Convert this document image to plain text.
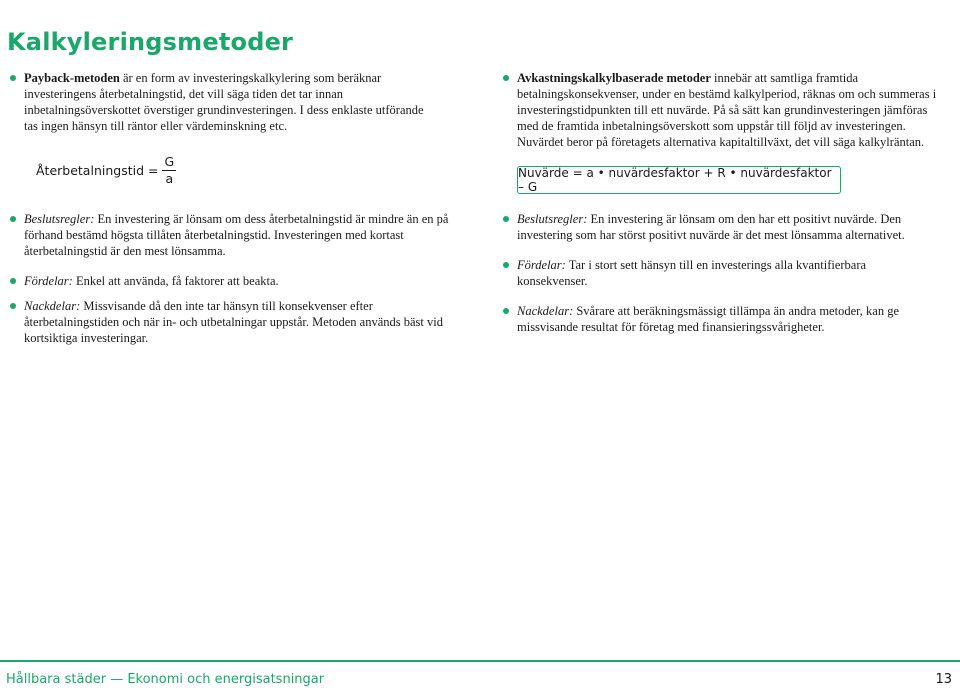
Kalkyleringsmetoder

Payback-metoden är en form av investeringskalkylering som beräknar investeringens återbetalningstid, det vill säga tiden det tar innan inbetalningsöverskottet överstiger grundinvesteringen. I dess enklaste utförande tas ingen hänsyn till räntor eller värdeminskning etc.

Återbetalningstid = $\frac{G}{a}$

Beslutsregler: En investering är lönsam om dess återbetalningstid är mindre än en på förhand bestämd högsta tillåten återbetalningstid. Investeringen med kortast återbetalningstid är den mest lönsamma.

Fördelar: Enkel att använda, få faktorer att beakta.

Nackdelar: Missvisande då den inte tar hänsyn till konsekvenser efter återbetalningstiden och när in- och utbetalningar uppstår. Metoden används bäst vid kortsiktiga investeringar.

Avkastningskalkylbaserade metoder innebär att samtliga framtida betalningskonsekvenser, under en bestämd kalkylperiod, räknas om och summeras i investeringstidpunkten till ett nuvärde. På så sätt kan grundinvesteringen jämföras med de framtida inbetalningsöverskott som uppstår till följd av investeringen. Nuvärdet beror på företagets alternativa kapitaltillväxt, det vill säga kalkylräntan.

Nuvärde = a • nuvärdesfaktor + R • nuvärdesfaktor – G

Beslutsregler: En investering är lönsam om den har ett positivt nuvärde. Den investering som har störst positivt nuvärde är det mest lönsamma alternativet.

Fördelar: Tar i stort sett hänsyn till en investerings alla kvantifierbara konsekvenser.

Nackdelar: Svårare att beräkningsmässigt tillämpa än andra metoder, kan ge missvisande resultat för företag med finansieringssvårigheter.

Hållbara städer — Ekonomi och energisatsningar	13
